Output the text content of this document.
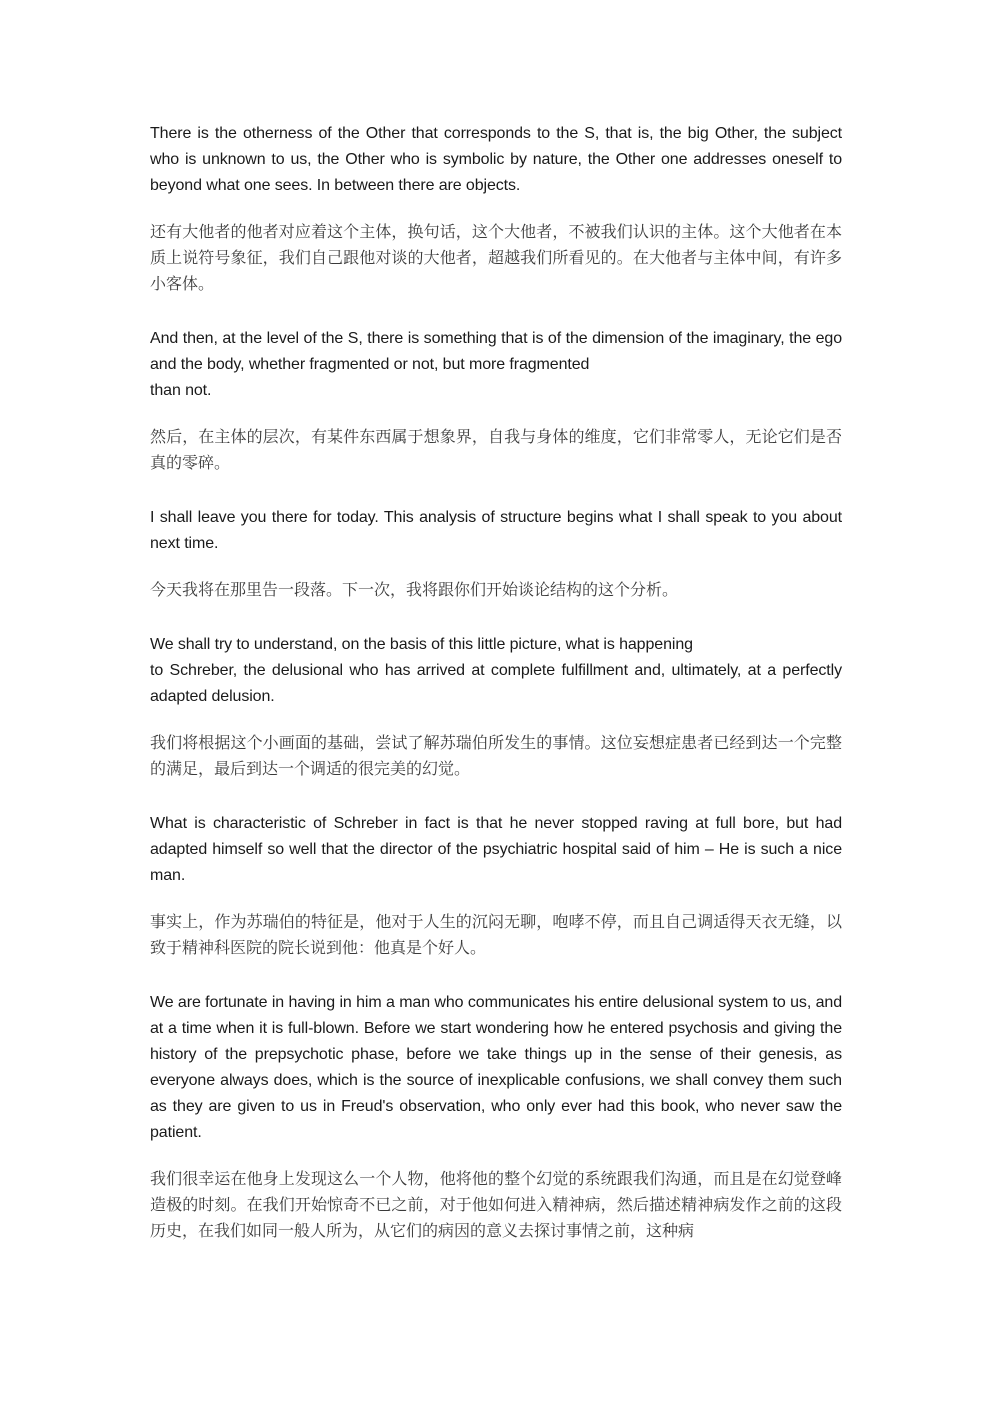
There is the otherness of the Other that corresponds to the S, that is, the big Other, the subject who is unknown to us, the Other who is symbolic by nature, the Other one addresses oneself to beyond what one sees. In between there are objects.

还有大他者的他者对应着这个主体，换句话，这个大他者，不被我们认识的主体。这个大他者在本质上说符号象征，我们自己跟他对谈的大他者，超越我们所看见的。在大他者与主体中间，有许多小客体。

And then, at the level of the S, there is something that is of the dimension of the imaginary, the ego and the body, whether fragmented or not, but more fragmented
than not.

然后，在主体的层次，有某件东西属于想象界，自我与身体的维度，它们非常零人，无论它们是否真的零碎。

I shall leave you there for today. This analysis of structure begins what I shall speak to you about next time.

今天我将在那里告一段落。下一次，我将跟你们开始谈论结构的这个分析。

We shall try to understand, on the basis of this little picture, what is happening
to Schreber, the delusional who has arrived at complete fulfillment and, ultimately, at a perfectly adapted delusion.

我们将根据这个小画面的基础，尝试了解苏瑞伯所发生的事情。这位妄想症患者已经到达一个完整的满足，最后到达一个调适的很完美的幻觉。

What is characteristic of Schreber in fact is that he never stopped raving at full bore, but had adapted himself so well that the director of the psychiatric hospital said of him – He is such a nice man.

事实上，作为苏瑞伯的特征是，他对于人生的沉闷无聊，咆哮不停，而且自己调适得天衣无缝，以致于精神科医院的院长说到他：他真是个好人。

We are fortunate in having in him a man who communicates his entire delusional system to us, and at a time when it is full-blown. Before we start wondering how he entered psychosis and giving the history of the prepsychotic phase, before we take things up in the sense of their genesis, as everyone always does, which is the source of inexplicable confusions, we shall convey them such as they are given to us in Freud's observation, who only ever had this book, who never saw the patient.

我们很幸运在他身上发现这么一个人物，他将他的整个幻觉的系统跟我们沟通，而且是在幻觉登峰造极的时刻。在我们开始惊奇不已之前，对于他如何进入精神病，然后描述精神病发作之前的这段历史，在我们如同一般人所为，从它们的病因的意义去探讨事情之前，这种病
